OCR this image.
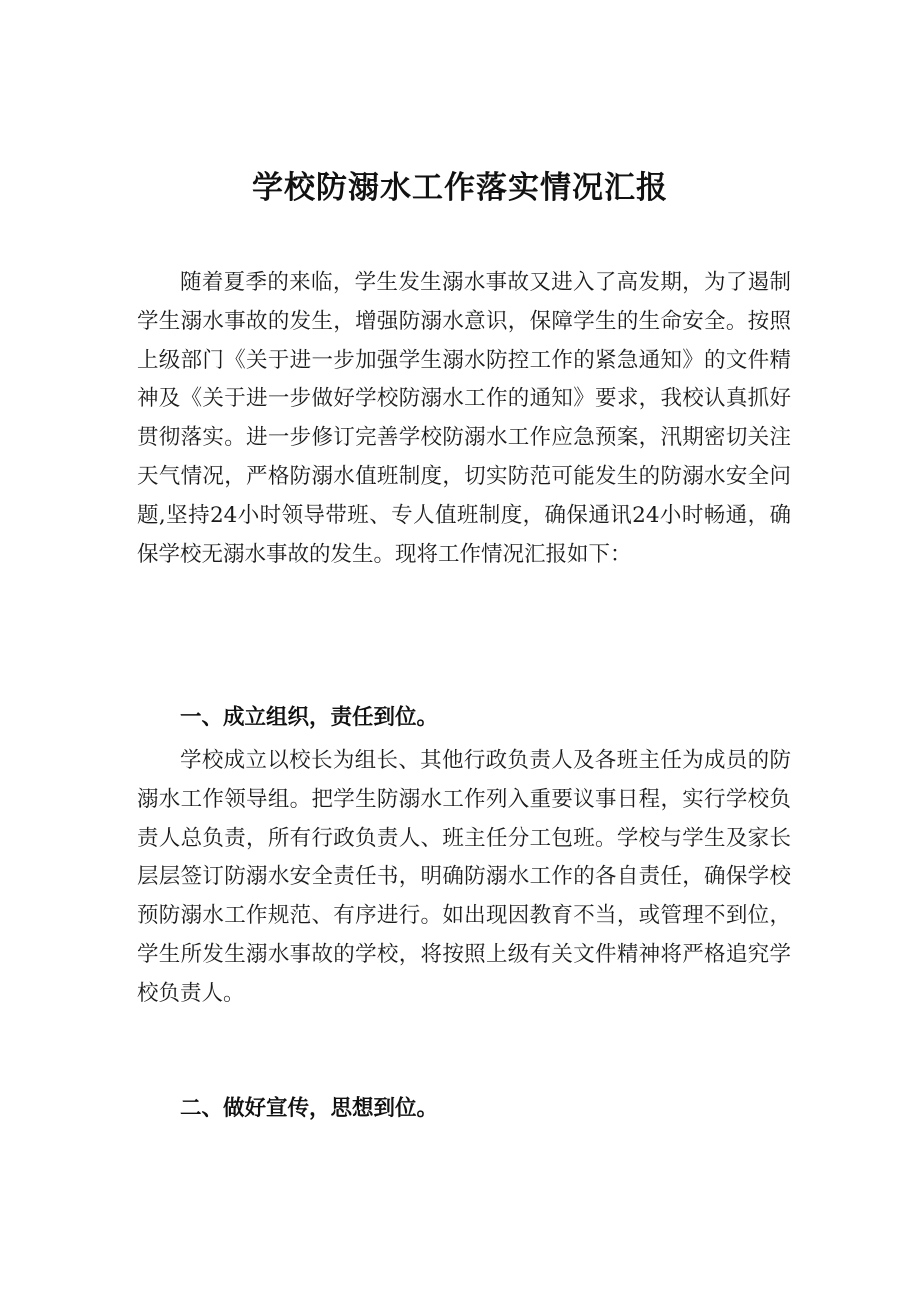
学校防溺水工作落实情况汇报

随着夏季的来临，学生发生溺水事故又进入了高发期，为了遏制学生溺水事故的发生，增强防溺水意识，保障学生的生命安全。按照上级部门《关于进一步加强学生溺水防控工作的紧急通知》的文件精神及《关于进一步做好学校防溺水工作的通知》要求，我校认真抓好贯彻落实。进一步修订完善学校防溺水工作应急预案，汛期密切关注天气情况，严格防溺水值班制度，切实防范可能发生的防溺水安全问题,坚持24小时领导带班、专人值班制度，确保通讯24小时畅通，确保学校无溺水事故的发生。现将工作情况汇报如下：

一、成立组织，责任到位。

学校成立以校长为组长、其他行政负责人及各班主任为成员的防溺水工作领导组。把学生防溺水工作列入重要议事日程，实行学校负责人总负责，所有行政负责人、班主任分工包班。学校与学生及家长层层签订防溺水安全责任书，明确防溺水工作的各自责任，确保学校预防溺水工作规范、有序进行。如出现因教育不当，或管理不到位，学生所发生溺水事故的学校，将按照上级有关文件精神将严格追究学校负责人。

二、做好宣传，思想到位。
